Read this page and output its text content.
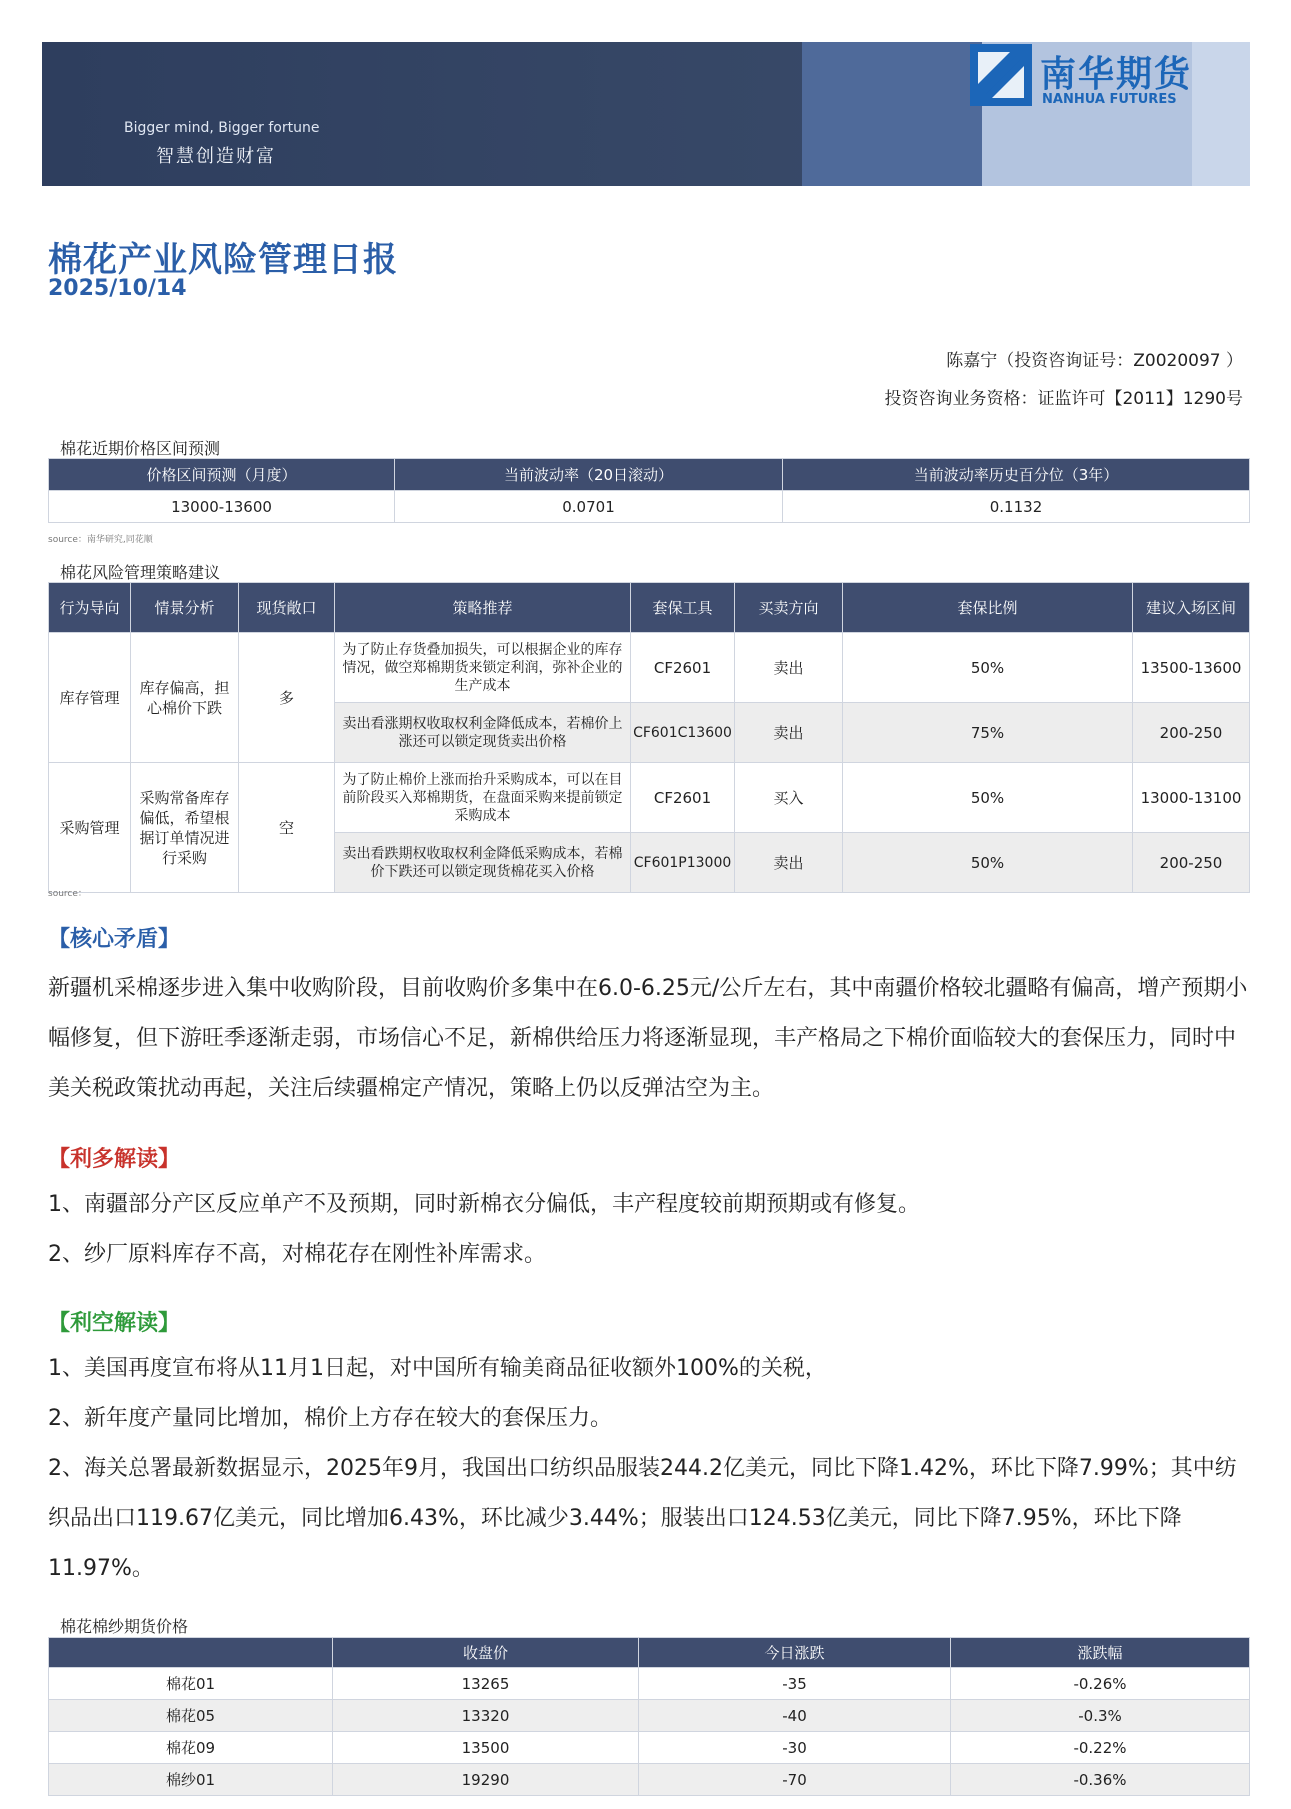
Bigger mind, Bigger fortune
智慧创造财富
南华期货
NANHUA FUTURES
棉花产业风险管理日报
2025/10/14
陈嘉宁（投资咨询证号：Z0020097 ）
投资咨询业务资格：证监许可【2011】1290号
棉花近期价格区间预测
价格区间预测（月度）	当前波动率（20日滚动）	当前波动率历史百分位（3年）
13000-13600	0.0701	0.1132
source：南华研究,同花顺
棉花风险管理策略建议
行为导向	情景分析	现货敞口	策略推荐	套保工具	买卖方向	套保比例	建议入场区间
库存管理	库存偏高，担心棉价下跌	多	为了防止存货叠加损失，可以根据企业的库存情况，做空郑棉期货来锁定利润，弥补企业的生产成本	CF2601	卖出	50%	13500-13600
			卖出看涨期权收取权利金降低成本，若棉价上涨还可以锁定现货卖出价格	CF601C13600	卖出	75%	200-250
采购管理	采购常备库存偏低，希望根据订单情况进行采购	空	为了防止棉价上涨而抬升采购成本，可以在目前阶段买入郑棉期货，在盘面采购来提前锁定采购成本	CF2601	买入	50%	13000-13100
			卖出看跌期权收取权利金降低采购成本，若棉价下跌还可以锁定现货棉花买入价格	CF601P13000	卖出	50%	200-250
source：
【核心矛盾】
新疆机采棉逐步进入集中收购阶段，目前收购价多集中在6.0-6.25元/公斤左右，其中南疆价格较北疆略有偏高，增产预期小幅修复，但下游旺季逐渐走弱，市场信心不足，新棉供给压力将逐渐显现，丰产格局之下棉价面临较大的套保压力，同时中美关税政策扰动再起，关注后续疆棉定产情况，策略上仍以反弹沽空为主。
【利多解读】
1、南疆部分产区反应单产不及预期，同时新棉衣分偏低，丰产程度较前期预期或有修复。
2、纱厂原料库存不高，对棉花存在刚性补库需求。
【利空解读】
1、美国再度宣布将从11月1日起，对中国所有输美商品征收额外100%的关税，
2、新年度产量同比增加，棉价上方存在较大的套保压力。
2、海关总署最新数据显示，2025年9月，我国出口纺织品服装244.2亿美元，同比下降1.42%，环比下降7.99%；其中纺织品出口119.67亿美元，同比增加6.43%，环比减少3.44%；服装出口124.53亿美元，同比下降7.95%，环比下降11.97%。
棉花棉纱期货价格
	收盘价	今日涨跌	涨跌幅
棉花01	13265	-35	-0.26%
棉花05	13320	-40	-0.3%
棉花09	13500	-30	-0.22%
棉纱01	19290	-70	-0.36%
